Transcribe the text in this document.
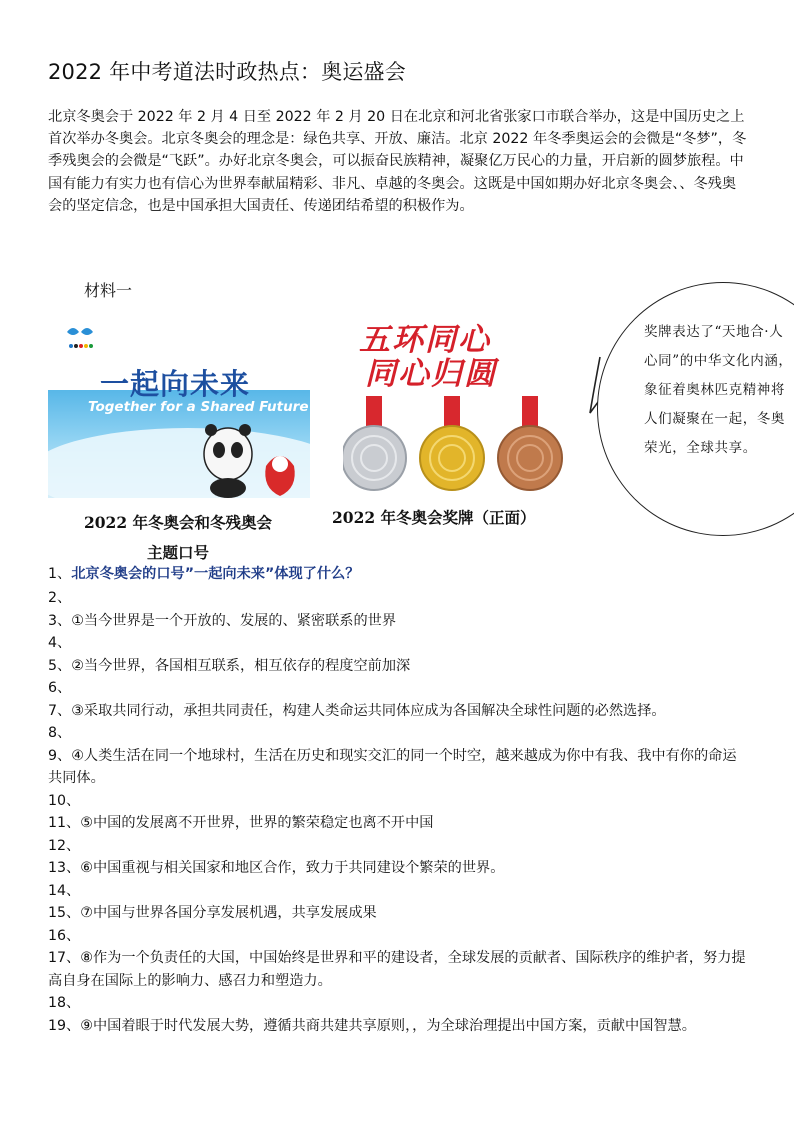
2022 年中考道法时政热点：奥运盛会
北京冬奥会于 2022 年 2 月 4 日至 2022 年 2 月 20 日在北京和河北省张家口市联合举办，这是中国历史之上首次举办冬奥会。北京冬奥会的理念是：绿色共享、开放、廉洁。北京 2022 年冬季奥运会的会微是“冬梦”，冬季残奥会的会微是“飞跃”。办好北京冬奥会，可以振奋民族精神，凝聚亿万民心的力量，开启新的圆梦旅程。中国有能力有实力也有信心为世界奉献届精彩、非凡、卓越的冬奥会。这既是中国如期办好北京冬奥会、、冬残奥会的坚定信念，也是中国承担大国责任、传递团结希望的积极作为。
材料一
一起向未来
Together for a Shared Future
五环同心
同心归圆
2022 年冬奥会和冬残奥会
主题口号
2022 年冬奥会奖牌（正面）
奖牌表达了“天地合·人心同”的中华文化内涵，象征着奥林匹克精神将人们凝聚在一起，冬奥荣光，全球共享。
1、北京冬奥会的口号”一起向未来”体现了什么？
2、
3、①当今世界是一个开放的、发展的、紧密联系的世界
4、
5、②当今世界，各国相互联系，相互依存的程度空前加深
6、
7、③采取共同行动，承担共同责任，构建人类命运共同体应成为各国解决全球性问题的必然选择。
8、
9、④人类生活在同一个地球村，生活在历史和现实交汇的同一个时空，越来越成为你中有我、我中有你的命运共同体。
10、
11、⑤中国的发展离不开世界，世界的繁荣稳定也离不开中国
12、
13、⑥中国重视与相关国家和地区合作，致力于共同建设个繁荣的世界。
14、
15、⑦中国与世界各国分享发展机遇，共享发展成果
16、
17、⑧作为一个负责任的大国，中国始终是世界和平的建设者，全球发展的贡献者、国际秩序的维护者，努力提高自身在国际上的影响力、感召力和塑造力。
18、
19、⑨中国着眼于时代发展大势，遵循共商共建共享原则，，为全球治理提出中国方案，贡献中国智慧。
